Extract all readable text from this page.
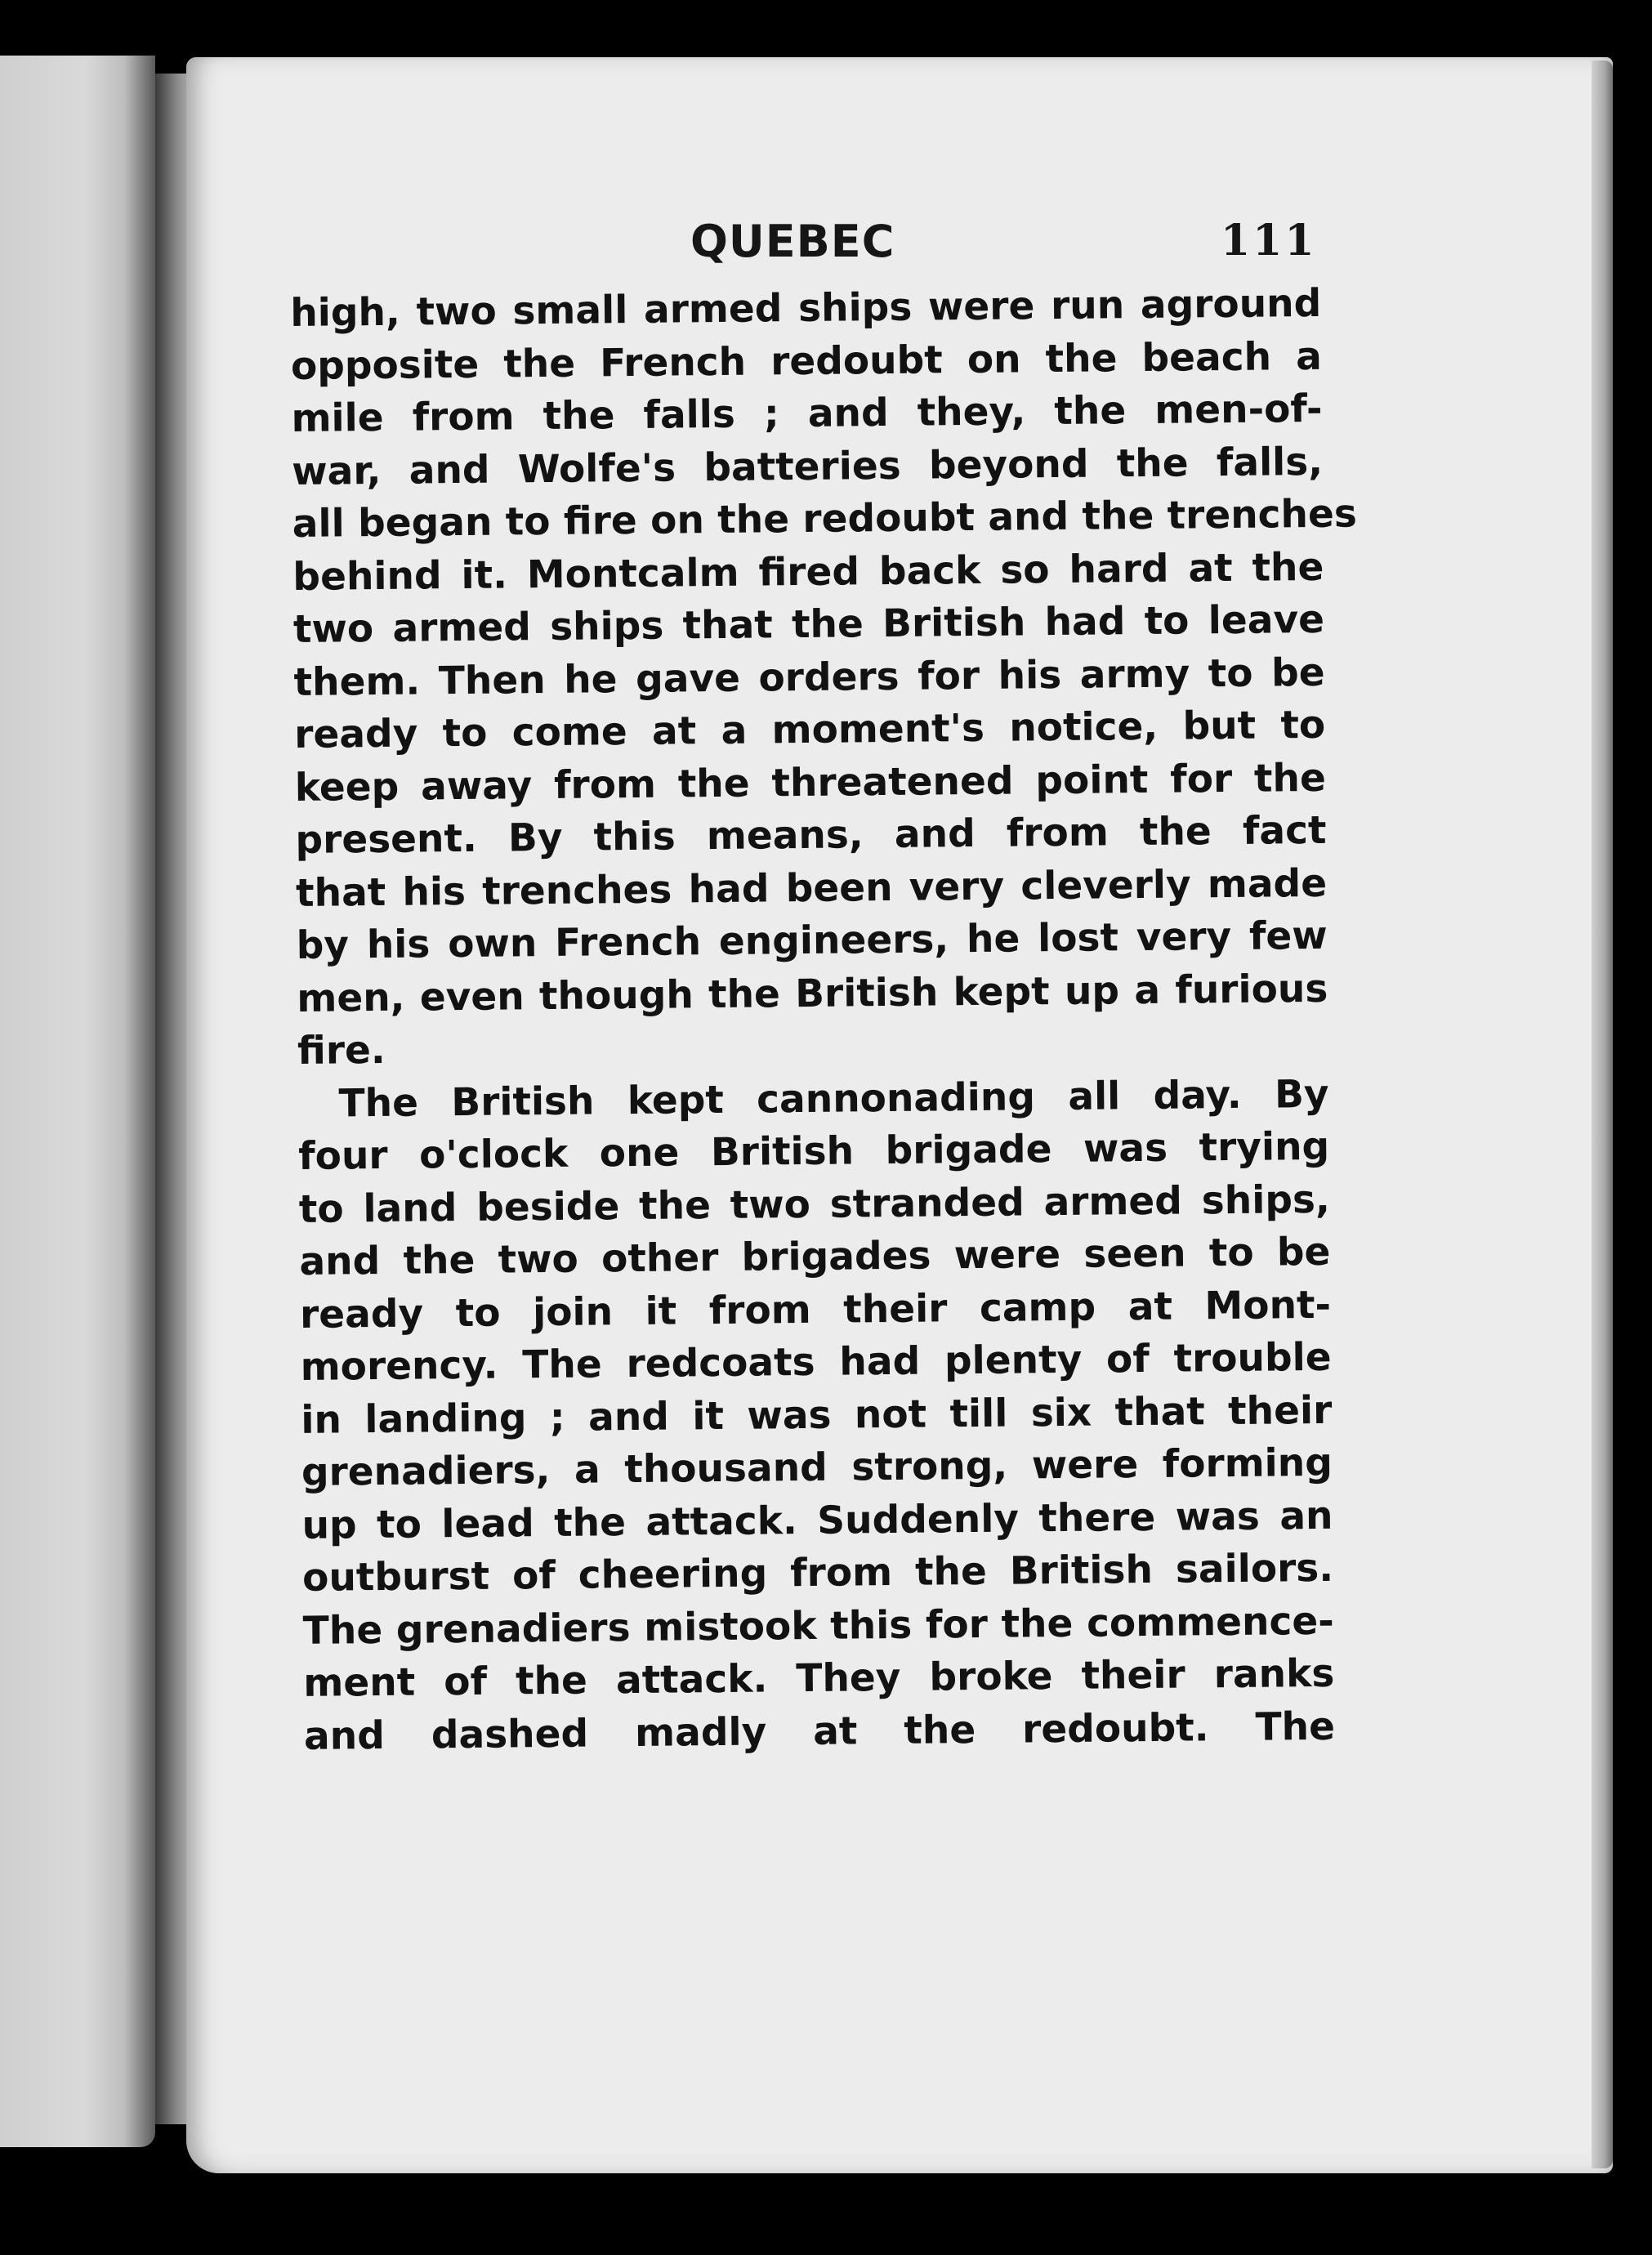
QUEBEC	111
high, two small armed ships were run aground
opposite the French redoubt on the beach a
mile from the falls ; and they, the men-of-
war, and Wolfe's batteries beyond the falls,
all began to fire on the redoubt and the trenches
behind it. Montcalm fired back so hard at the
two armed ships that the British had to leave
them. Then he gave orders for his army to be
ready to come at a moment's notice, but to
keep away from the threatened point for the
present. By this means, and from the fact
that his trenches had been very cleverly made
by his own French engineers, he lost very few
men, even though the British kept up a furious
fire.
The British kept cannonading all day. By
four o'clock one British brigade was trying
to land beside the two stranded armed ships,
and the two other brigades were seen to be
ready to join it from their camp at Mont-
morency. The redcoats had plenty of trouble
in landing ; and it was not till six that their
grenadiers, a thousand strong, were forming
up to lead the attack. Suddenly there was an
outburst of cheering from the British sailors.
The grenadiers mistook this for the commence-
ment of the attack. They broke their ranks
and dashed madly at the redoubt. The
